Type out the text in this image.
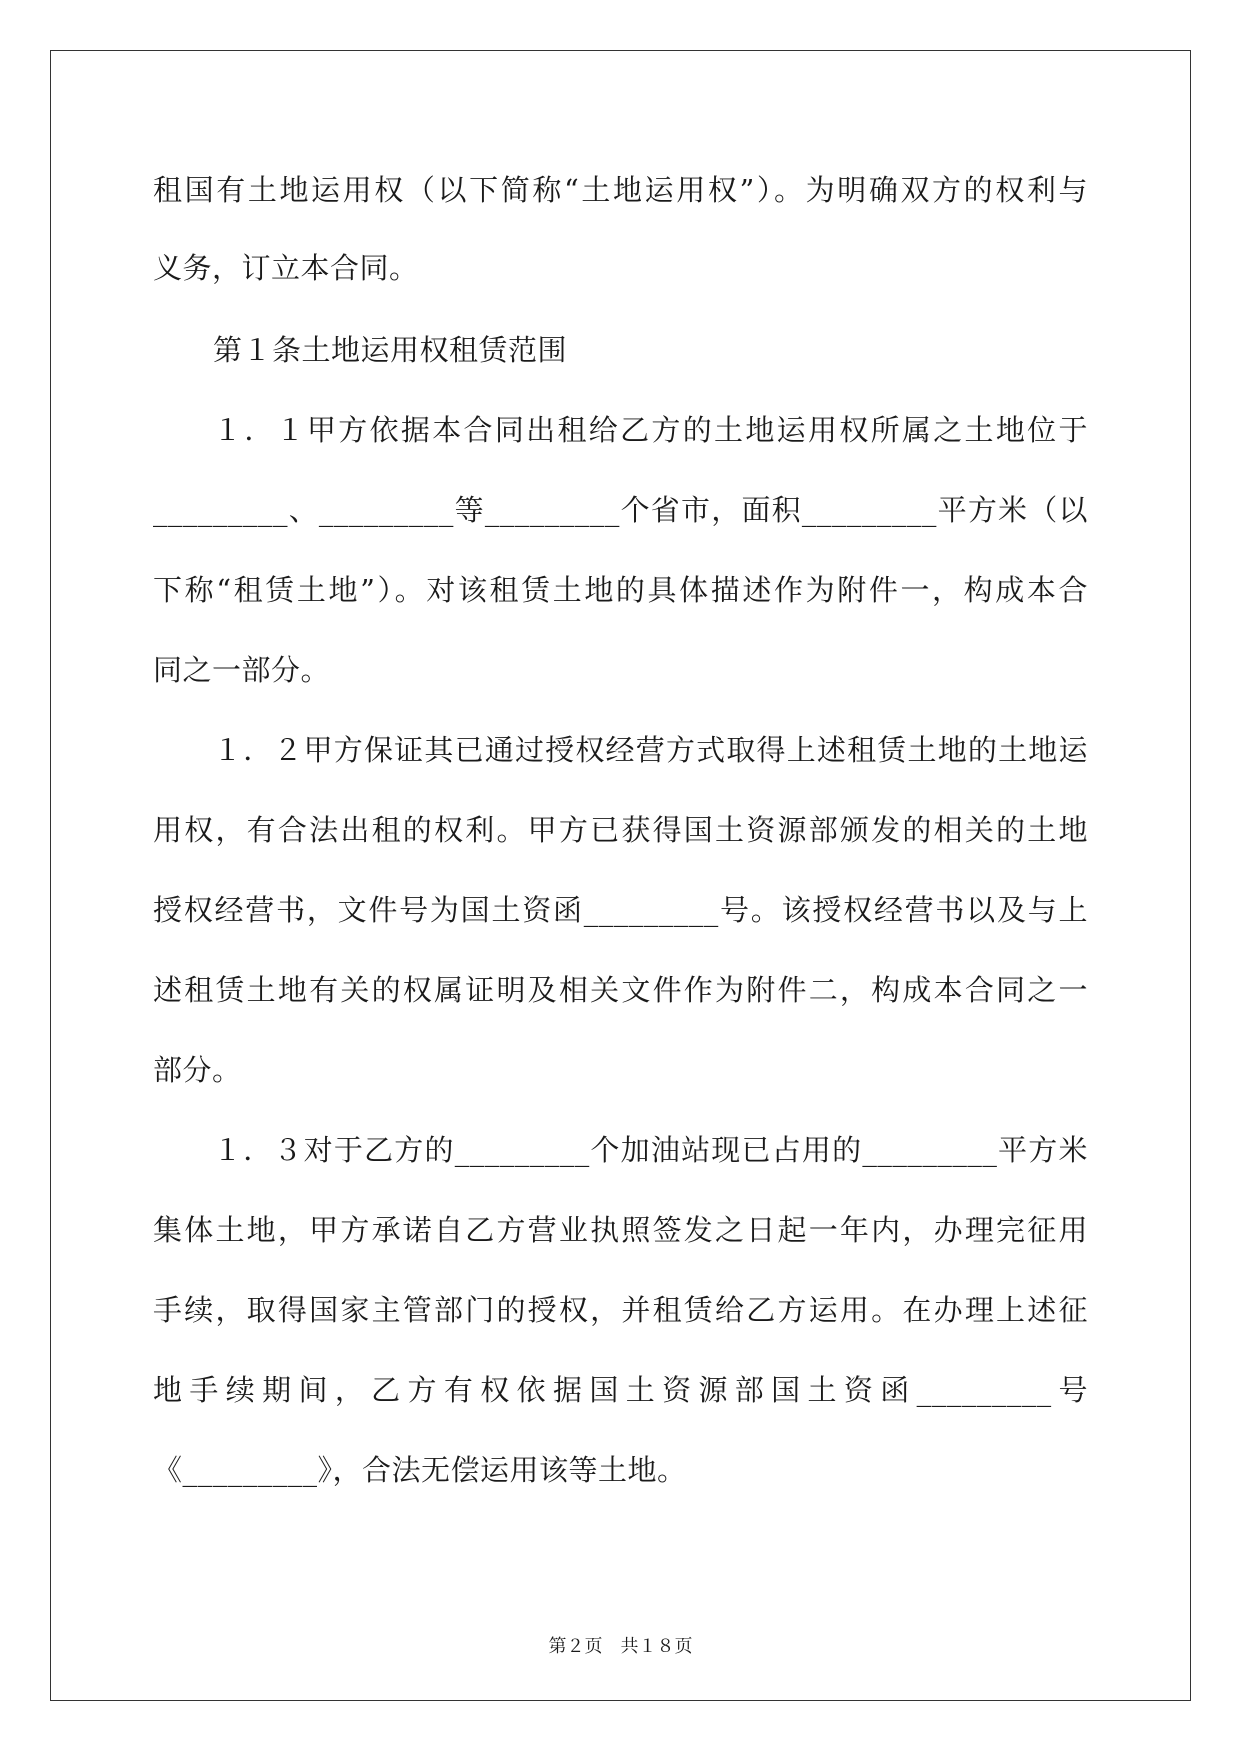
租国有土地运用权（以下简称“土地运用权”）。为明确双方的权利与
义务，订立本合同。
第１条土地运用权租赁范围
１．１甲方依据本合同出租给乙方的土地运用权所属之土地位于
_________、_________等_________个省市，面积_________平方米（以
下称“租赁土地”）。对该租赁土地的具体描述作为附件一，构成本合
同之一部分。
１．２甲方保证其已通过授权经营方式取得上述租赁土地的土地运
用权，有合法出租的权利。甲方已获得国土资源部颁发的相关的土地
授权经营书，文件号为国土资函_________号。该授权经营书以及与上
述租赁土地有关的权属证明及相关文件作为附件二，构成本合同之一
部分。
１．３对于乙方的_________个加油站现已占用的_________平方米
集体土地，甲方承诺自乙方营业执照签发之日起一年内，办理完征用
手续，取得国家主管部门的授权，并租赁给乙方运用。在办理上述征
地手续期间，乙方有权依据国土资源部国土资函_________号
《_________》，合法无偿运用该等土地。
第２页　共１８页
